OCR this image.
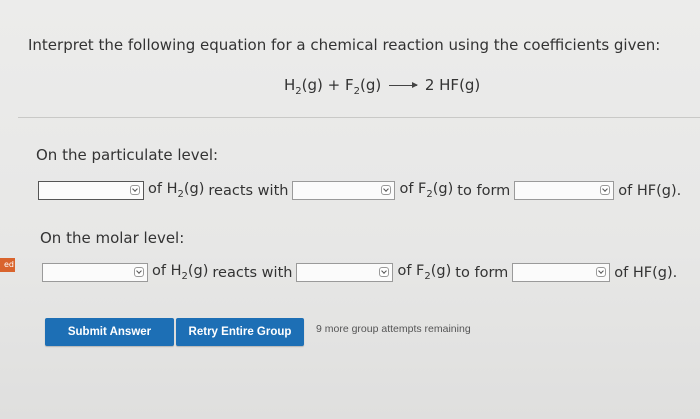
Interpret the following equation for a chemical reaction using the coefficients given:
$H_2(g) + F_2(g) \to 2$ HF(g)
On the particulate level:
of $H_2(g)$ reacts with	of $F_2(g)$ to form	of HF(g).
On the molar level:
ed	of $H_2(g)$ reacts with	of $F_2(g)$ to form	of HF(g).
Submit Answer	Retry Entire Group	9 more group attempts remaining
